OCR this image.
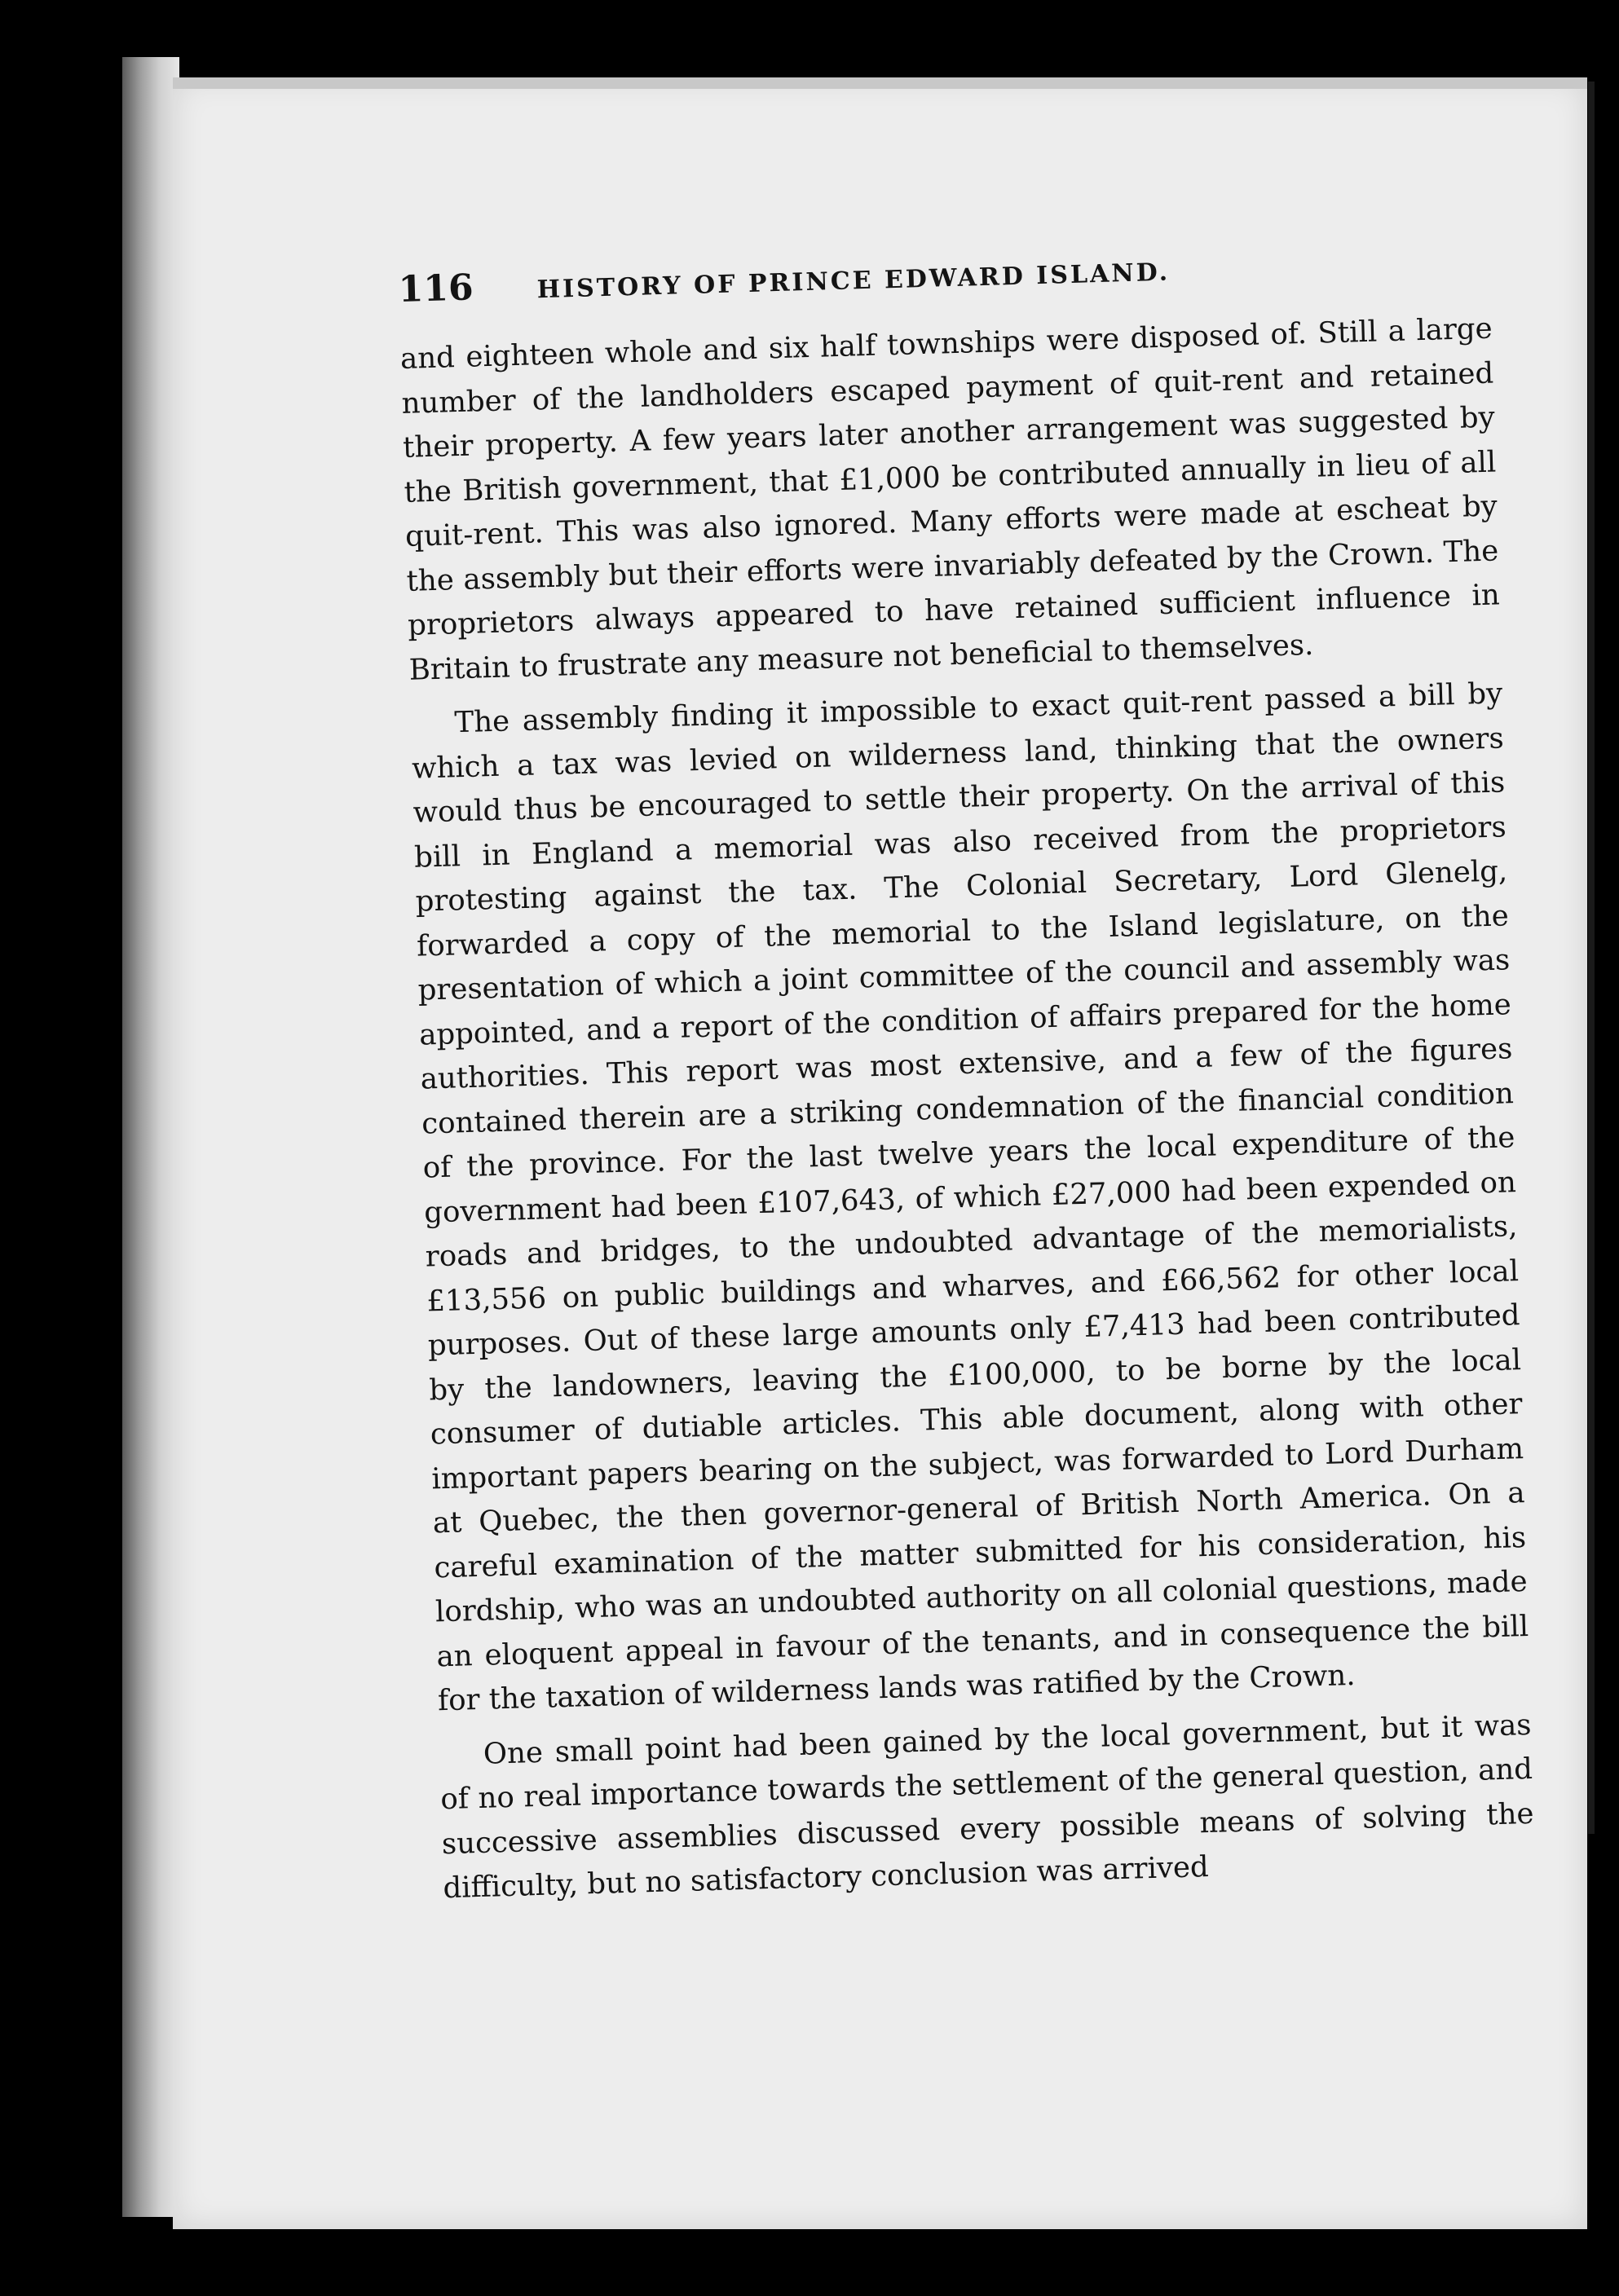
116	HISTORY OF PRINCE EDWARD ISLAND.

and eighteen whole and six half townships were disposed of. Still a large number of the landholders escaped payment of quit-rent and retained their property. A few years later another arrangement was suggested by the British government, that £1,000 be contributed annually in lieu of all quit-rent. This was also ignored. Many efforts were made at escheat by the assembly but their efforts were invariably defeated by the Crown. The proprietors always appeared to have retained sufficient influence in Britain to frustrate any measure not beneficial to themselves.

The assembly finding it impossible to exact quit-rent passed a bill by which a tax was levied on wilderness land, thinking that the owners would thus be encouraged to settle their property. On the arrival of this bill in England a memorial was also received from the proprietors protesting against the tax. The Colonial Secretary, Lord Glenelg, forwarded a copy of the memorial to the Island legislature, on the presentation of which a joint committee of the council and assembly was appointed, and a report of the condition of affairs prepared for the home authorities. This report was most extensive, and a few of the figures contained therein are a striking condemnation of the financial condition of the province. For the last twelve years the local expenditure of the government had been £107,643, of which £27,000 had been expended on roads and bridges, to the undoubted advantage of the memorialists, £13,556 on public buildings and wharves, and £66,562 for other local purposes. Out of these large amounts only £7,413 had been contributed by the landowners, leaving the £100,000, to be borne by the local consumer of dutiable articles. This able document, along with other important papers bearing on the subject, was forwarded to Lord Durham at Quebec, the then governor-general of British North America. On a careful examination of the matter submitted for his consideration, his lordship, who was an undoubted authority on all colonial questions, made an eloquent appeal in favour of the tenants, and in consequence the bill for the taxation of wilderness lands was ratified by the Crown.

One small point had been gained by the local government, but it was of no real importance towards the settlement of the general question, and successive assemblies discussed every possible means of solving the difficulty, but no satisfactory conclusion was arrived
